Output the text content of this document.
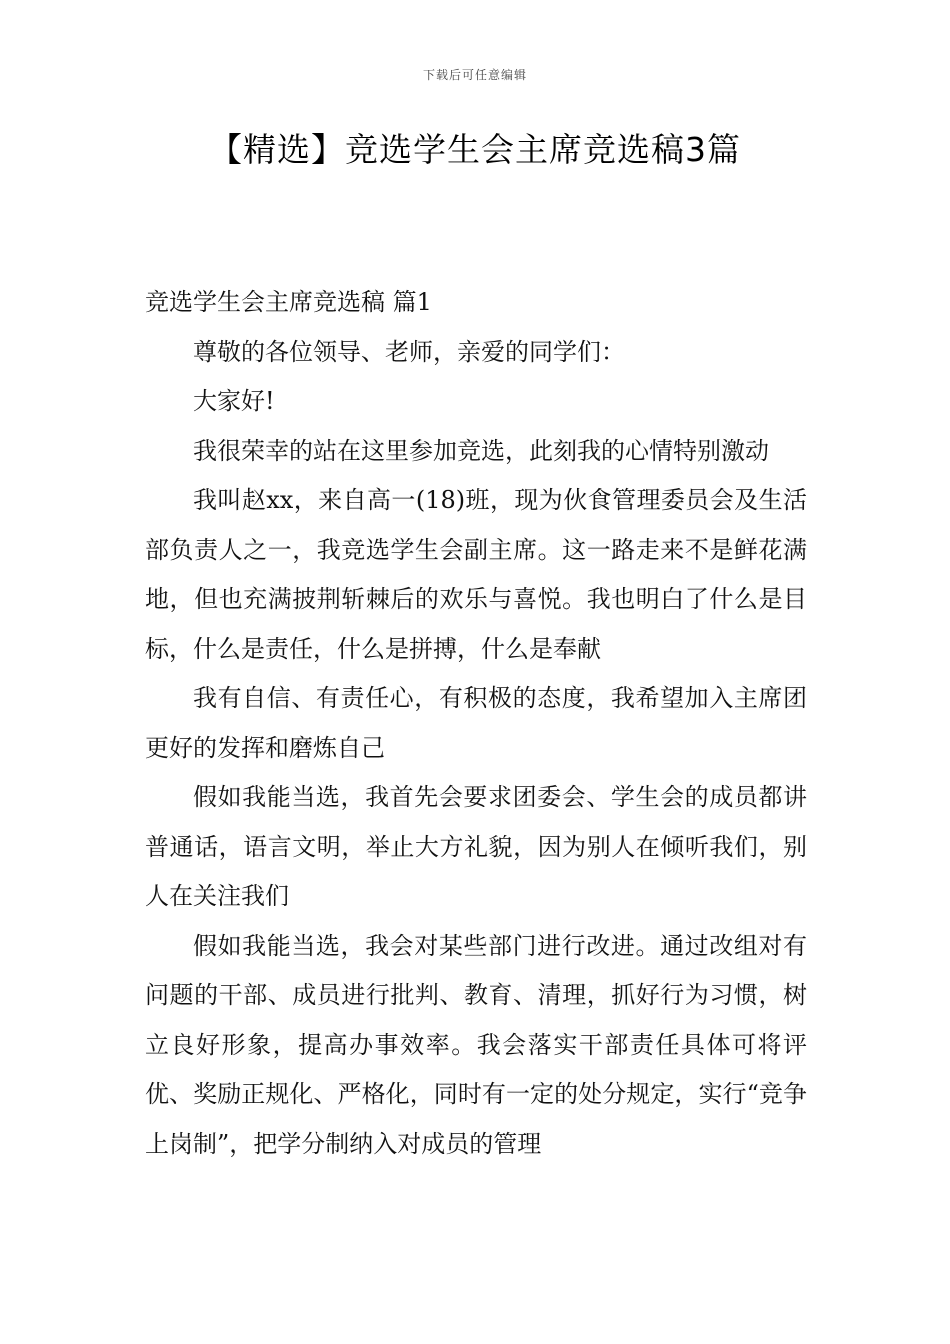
下载后可任意编辑
【精选】竞选学生会主席竞选稿3篇
竞选学生会主席竞选稿 篇1

尊敬的各位领导、老师，亲爱的同学们：

大家好!

我很荣幸的站在这里参加竞选，此刻我的心情特别激动

我叫赵xx，来自高一(18)班，现为伙食管理委员会及生活部负责人之一，我竞选学生会副主席。这一路走来不是鲜花满地，但也充满披荆斩棘后的欢乐与喜悦。我也明白了什么是目标，什么是责任，什么是拼搏，什么是奉献

我有自信、有责任心，有积极的态度，我希望加入主席团更好的发挥和磨炼自己

假如我能当选，我首先会要求团委会、学生会的成员都讲普通话，语言文明，举止大方礼貌，因为别人在倾听我们，别人在关注我们

假如我能当选，我会对某些部门进行改进。通过改组对有问题的干部、成员进行批判、教育、清理，抓好行为习惯，树立良好形象，提高办事效率。我会落实干部责任具体可将评优、奖励正规化、严格化，同时有一定的处分规定，实行“竞争上岗制”，把学分制纳入对成员的管理
